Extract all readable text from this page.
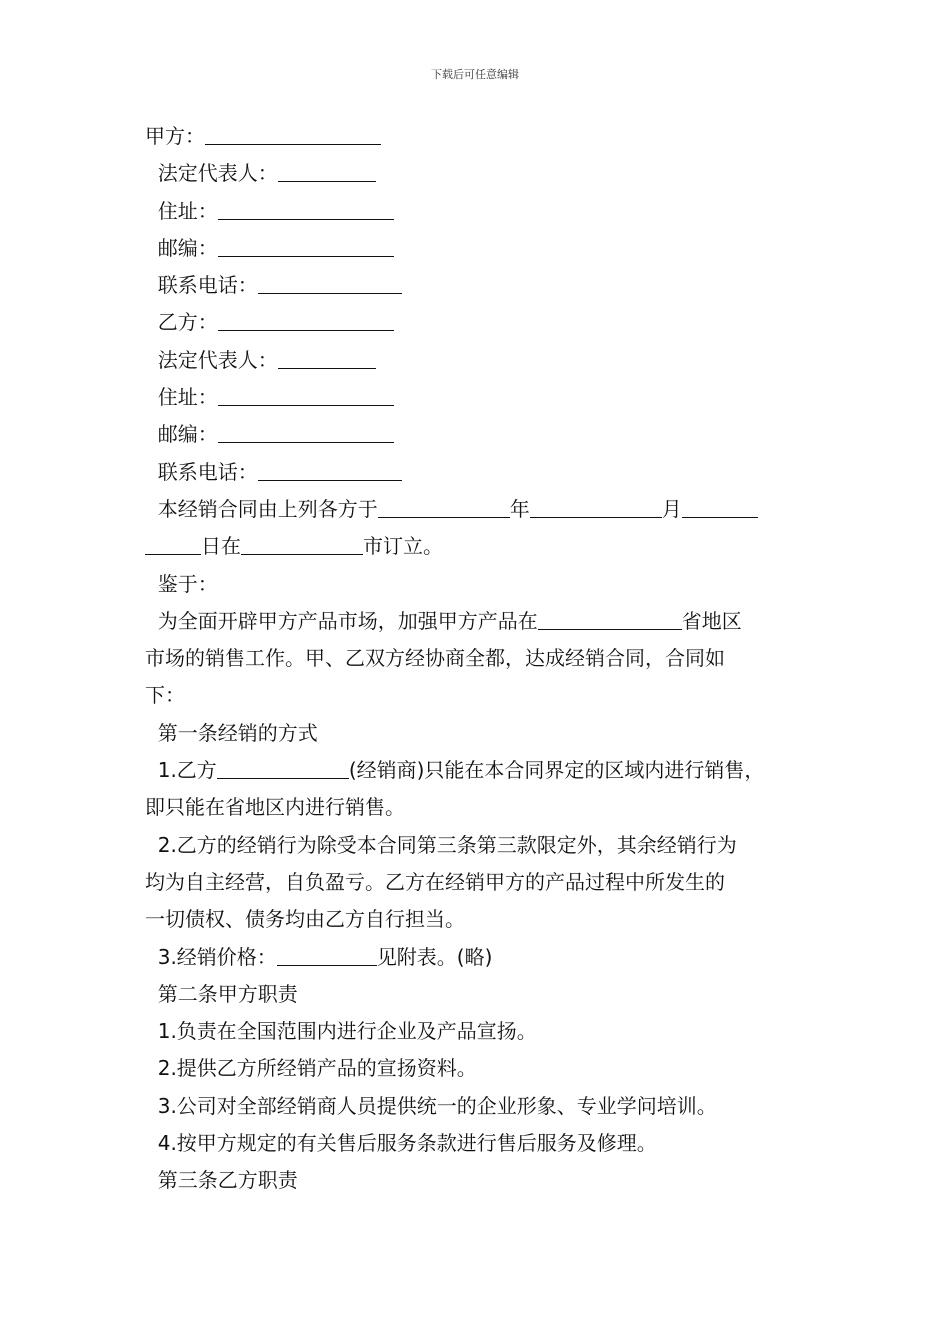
下载后可任意编辑
甲方：
法定代表人：
住址：
邮编：
联系电话：
乙方：
法定代表人：
住址：
邮编：
联系电话：
本经销合同由上列各方于	年	月
日在	市订立。
鉴于：
为全面开辟甲方产品市场，加强甲方产品在	省地区
市场的销售工作。甲、乙双方经协商全都，达成经销合同，合同如
下：
第一条经销的方式
1.乙方	(经销商)只能在本合同界定的区域内进行销售，
即只能在省地区内进行销售。
2.乙方的经销行为除受本合同第三条第三款限定外，其余经销行为
均为自主经营，自负盈亏。乙方在经销甲方的产品过程中所发生的
一切债权、债务均由乙方自行担当。
3.经销价格：	见附表。(略)
第二条甲方职责
1.负责在全国范围内进行企业及产品宣扬。
2.提供乙方所经销产品的宣扬资料。
3.公司对全部经销商人员提供统一的企业形象、专业学问培训。
4.按甲方规定的有关售后服务条款进行售后服务及修理。
第三条乙方职责
